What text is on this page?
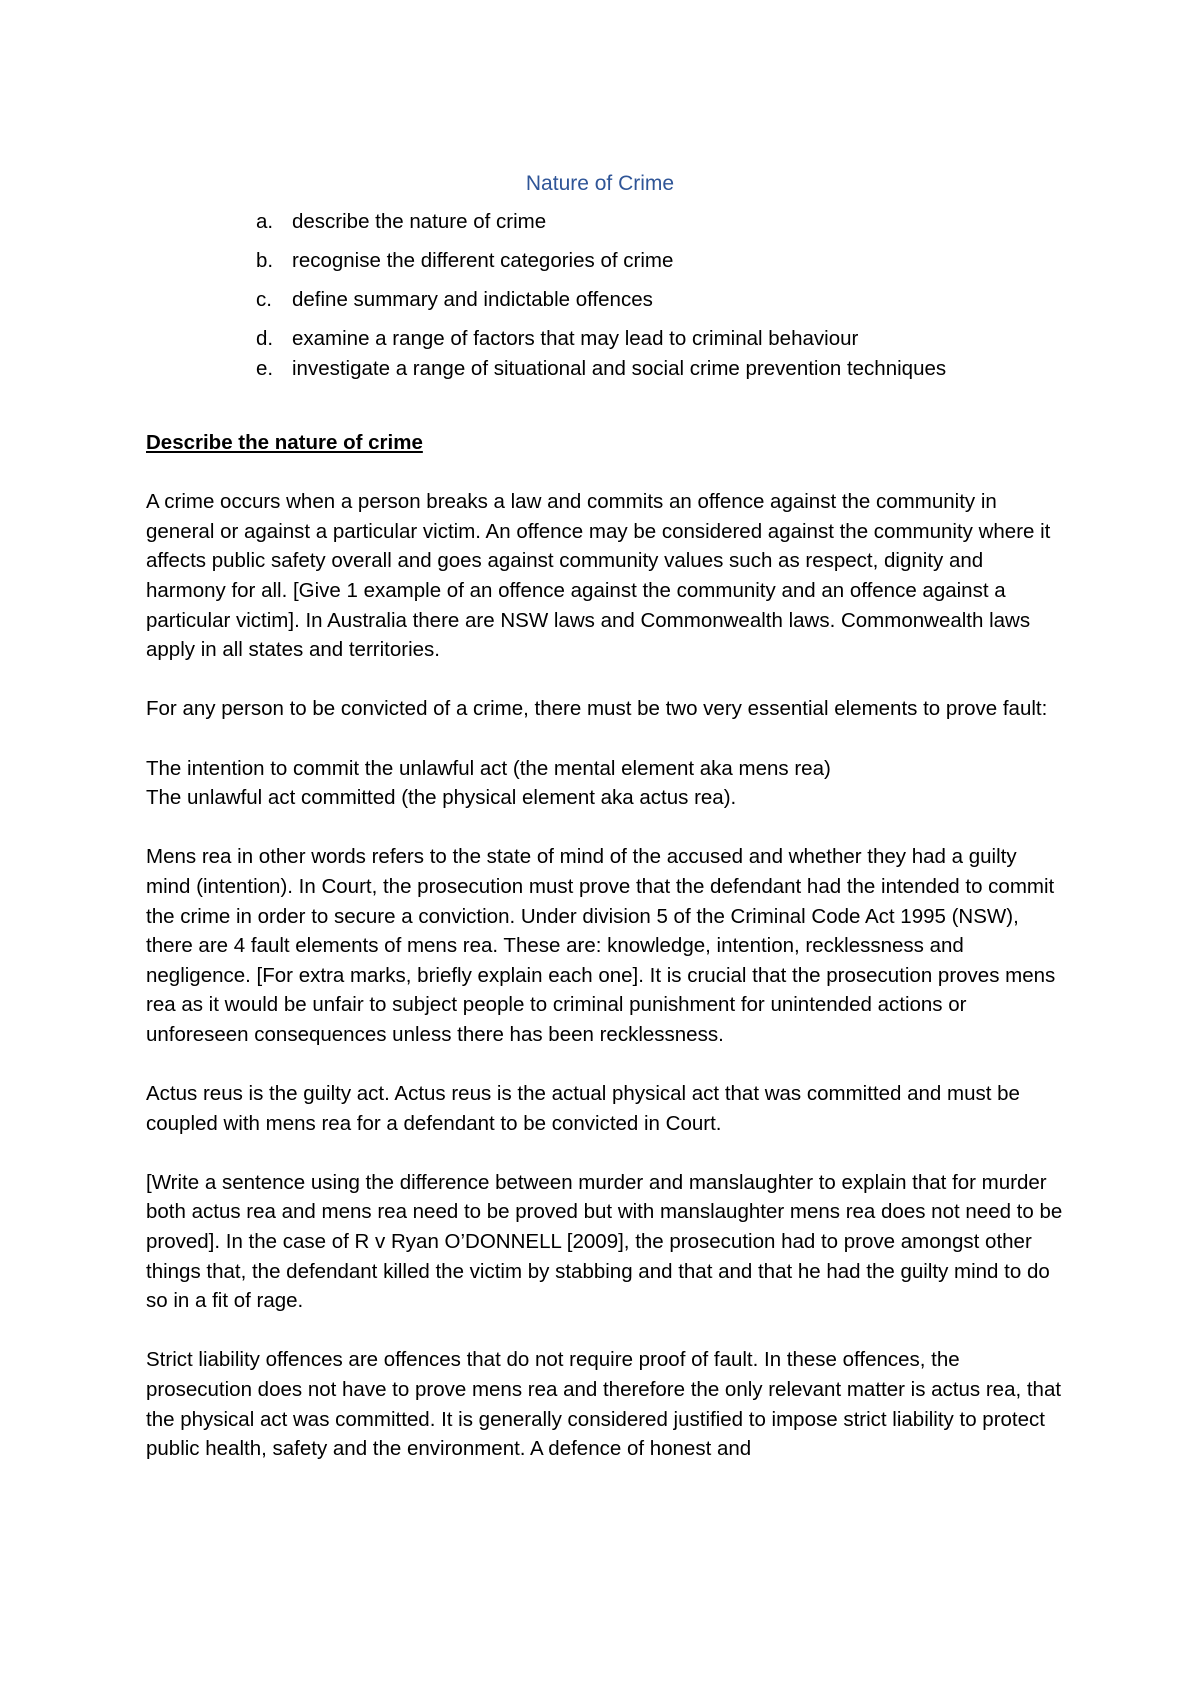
Nature of Crime
a. describe the nature of crime
b. recognise the different categories of crime
c. define summary and indictable offences
d. examine a range of factors that may lead to criminal behaviour
e. investigate a range of situational and social crime prevention techniques

Describe the nature of crime

A crime occurs when a person breaks a law and commits an offence against the community in general or against a particular victim. An offence may be considered against the community where it affects public safety overall and goes against community values such as respect, dignity and harmony for all. [Give 1 example of an offence against the community and an offence against a particular victim]. In Australia there are NSW laws and Commonwealth laws. Commonwealth laws apply in all states and territories.

For any person to be convicted of a crime, there must be two very essential elements to prove fault:

The intention to commit the unlawful act (the mental element aka mens rea)
The unlawful act committed (the physical element aka actus rea).

Mens rea in other words refers to the state of mind of the accused and whether they had a guilty mind (intention). In Court, the prosecution must prove that the defendant had the intended to commit the crime in order to secure a conviction. Under division 5 of the Criminal Code Act 1995 (NSW), there are 4 fault elements of mens rea. These are: knowledge, intention, recklessness and negligence. [For extra marks, briefly explain each one]. It is crucial that the prosecution proves mens rea as it would be unfair to subject people to criminal punishment for unintended actions or unforeseen consequences unless there has been recklessness.

Actus reus is the guilty act. Actus reus is the actual physical act that was committed and must be coupled with mens rea for a defendant to be convicted in Court.

[Write a sentence using the difference between murder and manslaughter to explain that for murder both actus rea and mens rea need to be proved but with manslaughter mens rea does not need to be proved]. In the case of R v Ryan O’DONNELL [2009], the prosecution had to prove amongst other things that, the defendant killed the victim by stabbing and that and that he had the guilty mind to do so in a fit of rage.

Strict liability offences are offences that do not require proof of fault. In these offences, the prosecution does not have to prove mens rea and therefore the only relevant matter is actus rea, that the physical act was committed. It is generally considered justified to impose strict liability to protect public health, safety and the environment. A defence of honest and
